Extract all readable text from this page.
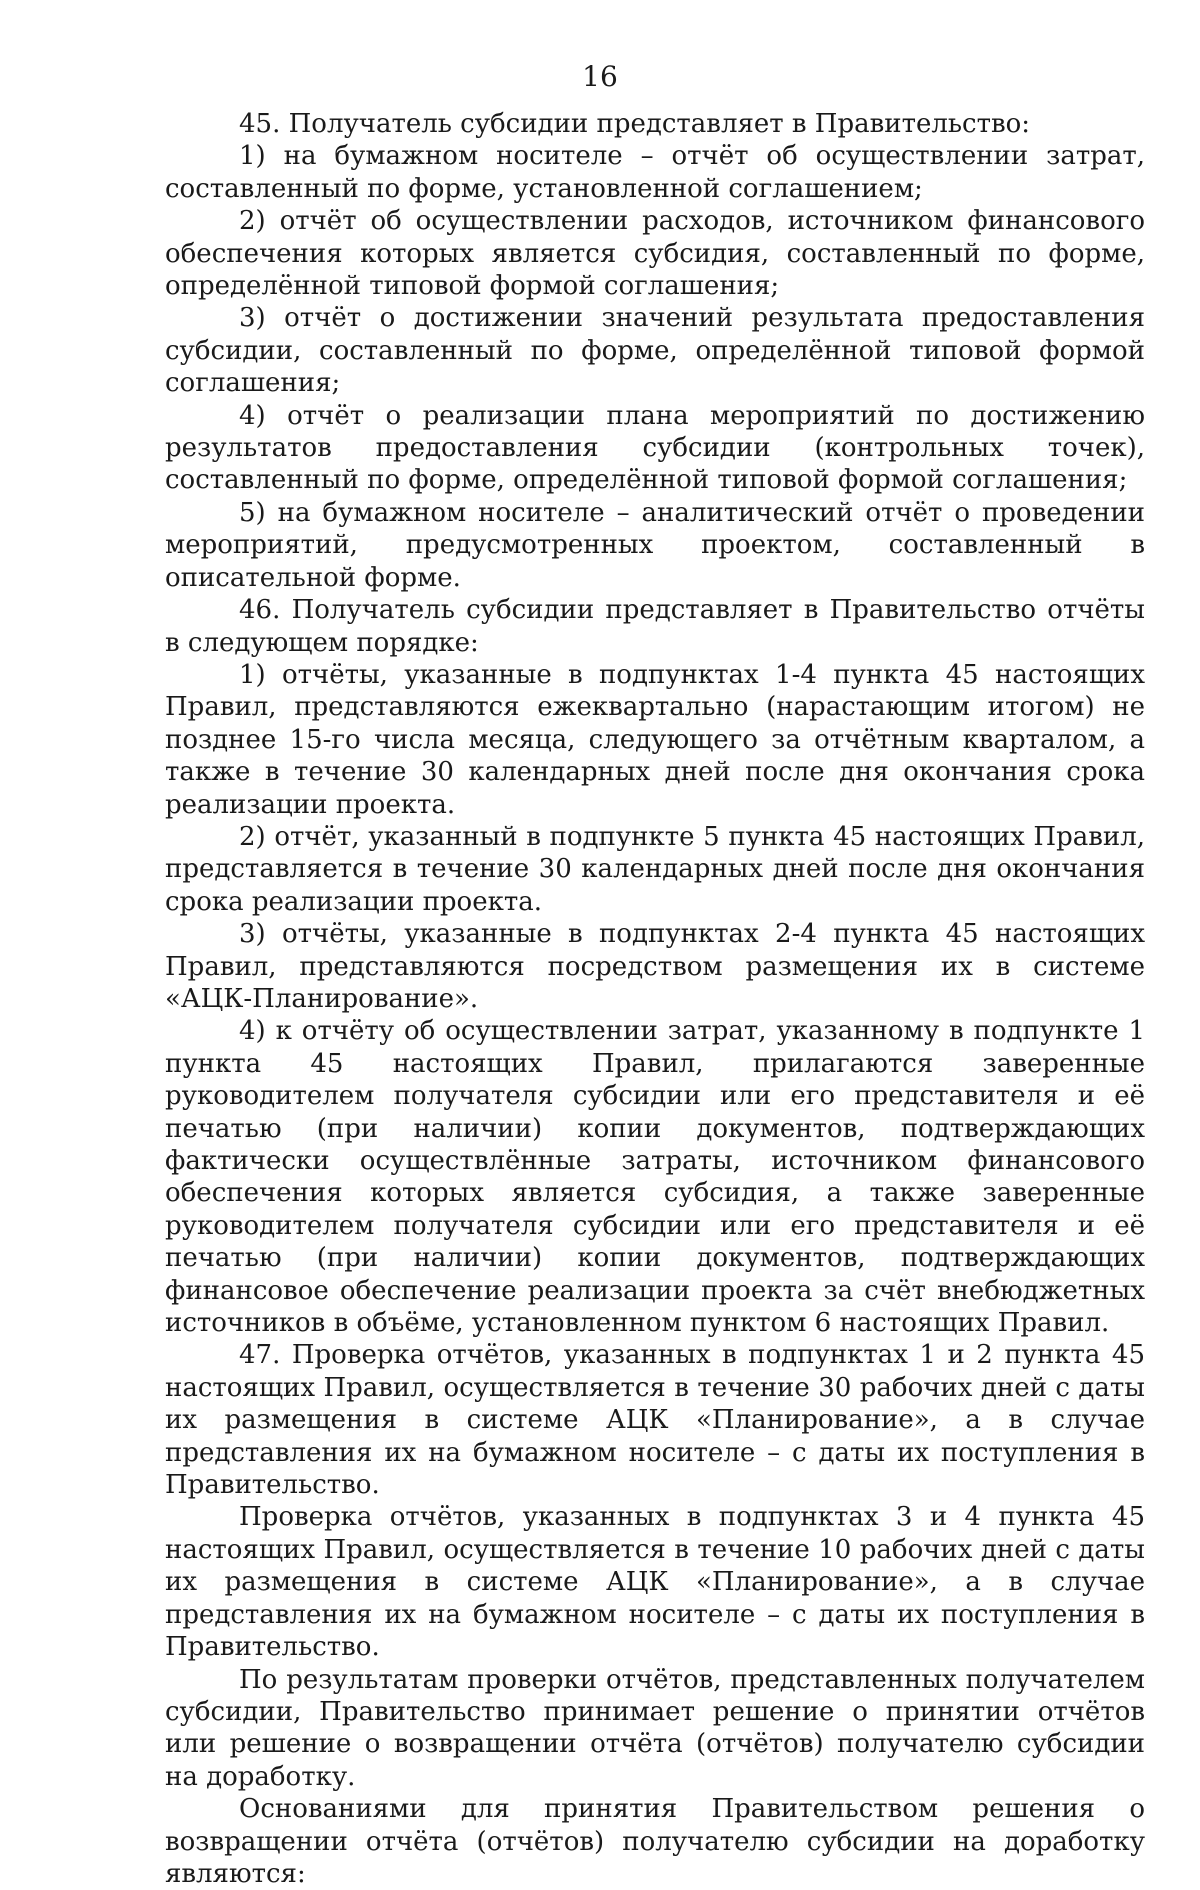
16

45. Получатель субсидии представляет в Правительство:

1) на бумажном носителе – отчёт об осуществлении затрат, составленный по форме, установленной соглашением;

2) отчёт об осуществлении расходов, источником финансового обеспечения которых является субсидия, составленный по форме, определённой типовой формой соглашения;

3) отчёт о достижении значений результата предоставления субсидии, составленный по форме, определённой типовой формой соглашения;

4) отчёт о реализации плана мероприятий по достижению результатов предоставления субсидии (контрольных точек), составленный по форме, определённой типовой формой соглашения;

5) на бумажном носителе – аналитический отчёт о проведении мероприятий, предусмотренных проектом, составленный в описательной форме.

46. Получатель субсидии представляет в Правительство отчёты в следующем порядке:

1) отчёты, указанные в подпунктах 1-4 пункта 45 настоящих Правил, представляются ежеквартально (нарастающим итогом) не позднее 15-го числа месяца, следующего за отчётным кварталом, а также в течение 30 календарных дней после дня окончания срока реализации проекта.

2) отчёт, указанный в подпункте 5 пункта 45 настоящих Правил, представляется в течение 30 календарных дней после дня окончания срока реализации проекта.

3) отчёты, указанные в подпунктах 2-4 пункта 45 настоящих Правил, представляются посредством размещения их в системе «АЦК-Планирование».

4) к отчёту об осуществлении затрат, указанному в подпункте 1 пункта 45 настоящих Правил, прилагаются заверенные руководителем получателя субсидии или его представителя и её печатью (при наличии) копии документов, подтверждающих фактически осуществлённые затраты, источником финансового обеспечения которых является субсидия, а также заверенные руководителем получателя субсидии или его представителя и её печатью (при наличии) копии документов, подтверждающих финансовое обеспечение реализации проекта за счёт внебюджетных источников в объёме, установленном пунктом 6 настоящих Правил.

47. Проверка отчётов, указанных в подпунктах 1 и 2 пункта 45 настоящих Правил, осуществляется в течение 30 рабочих дней с даты их размещения в системе АЦК «Планирование», а в случае представления их на бумажном носителе – с даты их поступления в Правительство.

Проверка отчётов, указанных в подпунктах 3 и 4 пункта 45 настоящих Правил, осуществляется в течение 10 рабочих дней с даты их размещения в системе АЦК «Планирование», а в случае представления их на бумажном носителе – с даты их поступления в Правительство.

По результатам проверки отчётов, представленных получателем субсидии, Правительство принимает решение о принятии отчётов или решение о возвращении отчёта (отчётов) получателю субсидии на доработку.

Основаниями для принятия Правительством решения о возвращении отчёта (отчётов) получателю субсидии на доработку являются:
